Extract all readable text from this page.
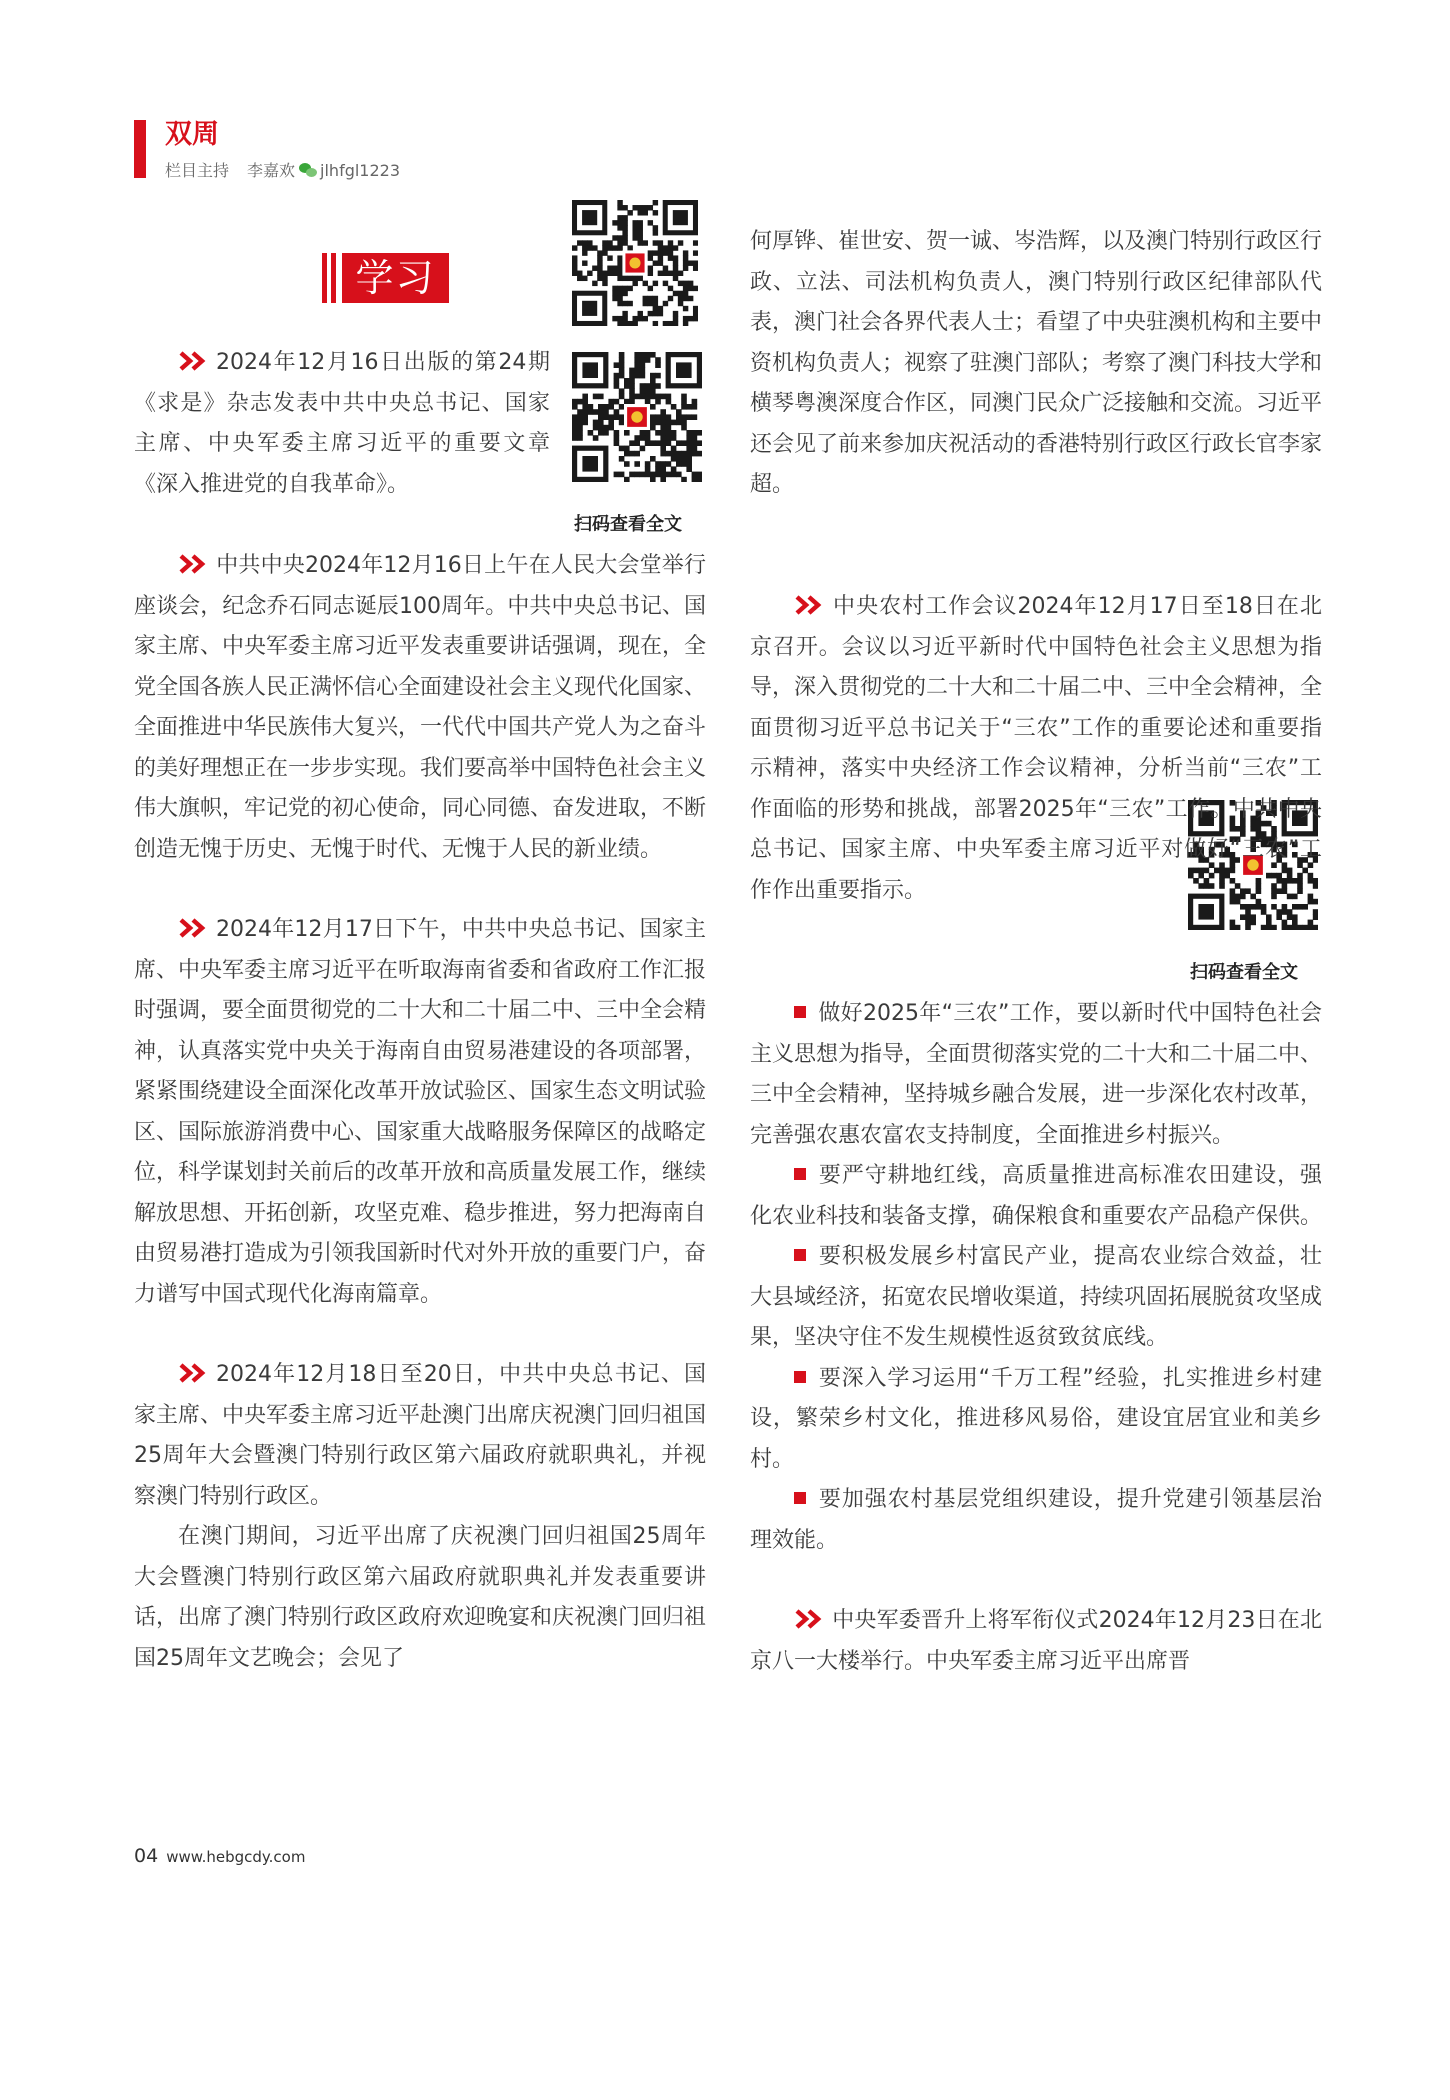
双周
栏目主持 李嘉欢 jlhfgl1223
学习
扫码查看全文
扫码查看全文

2024年12月16日出版的第24期《求是》杂志发表中共中央总书记、国家主席、中央军委主席习近平的重要文章《深入推进党的自我革命》。

中共中央2024年12月16日上午在人民大会堂举行座谈会，纪念乔石同志诞辰100周年。中共中央总书记、国家主席、中央军委主席习近平发表重要讲话强调，现在，全党全国各族人民正满怀信心全面建设社会主义现代化国家、全面推进中华民族伟大复兴，一代代中国共产党人为之奋斗的美好理想正在一步步实现。我们要高举中国特色社会主义伟大旗帜，牢记党的初心使命，同心同德、奋发进取，不断创造无愧于历史、无愧于时代、无愧于人民的新业绩。

2024年12月17日下午，中共中央总书记、国家主席、中央军委主席习近平在听取海南省委和省政府工作汇报时强调，要全面贯彻党的二十大和二十届二中、三中全会精神，认真落实党中央关于海南自由贸易港建设的各项部署，紧紧围绕建设全面深化改革开放试验区、国家生态文明试验区、国际旅游消费中心、国家重大战略服务保障区的战略定位，科学谋划封关前后的改革开放和高质量发展工作，继续解放思想、开拓创新，攻坚克难、稳步推进，努力把海南自由贸易港打造成为引领我国新时代对外开放的重要门户，奋力谱写中国式现代化海南篇章。

2024年12月18日至20日，中共中央总书记、国家主席、中央军委主席习近平赴澳门出席庆祝澳门回归祖国25周年大会暨澳门特别行政区第六届政府就职典礼，并视察澳门特别行政区。

在澳门期间，习近平出席了庆祝澳门回归祖国25周年大会暨澳门特别行政区第六届政府就职典礼并发表重要讲话，出席了澳门特别行政区政府欢迎晚宴和庆祝澳门回归祖国25周年文艺晚会；会见了

何厚铧、崔世安、贺一诚、岑浩辉，以及澳门特别行政区行政、立法、司法机构负责人，澳门特别行政区纪律部队代表，澳门社会各界代表人士；看望了中央驻澳机构和主要中资机构负责人；视察了驻澳门部队；考察了澳门科技大学和横琴粤澳深度合作区，同澳门民众广泛接触和交流。习近平还会见了前来参加庆祝活动的香港特别行政区行政长官李家超。

中央农村工作会议2024年12月17日至18日在北京召开。会议以习近平新时代中国特色社会主义思想为指导，深入贯彻党的二十大和二十届二中、三中全会精神，全面贯彻习近平总书记关于“三农”工作的重要论述和重要指示精神，落实中央经济工作会议精神，分析当前“三农”工作面临的形势和挑战，部署2025年“三农”工作。中共中央总书记、国家主席、中央军委主席习近平对做好“三农”工作作出重要指示。

做好2025年“三农”工作，要以新时代中国特色社会主义思想为指导，全面贯彻落实党的二十大和二十届二中、三中全会精神，坚持城乡融合发展，进一步深化农村改革，完善强农惠农富农支持制度，全面推进乡村振兴。

要严守耕地红线，高质量推进高标准农田建设，强化农业科技和装备支撑，确保粮食和重要农产品稳产保供。

要积极发展乡村富民产业，提高农业综合效益，壮大县域经济，拓宽农民增收渠道，持续巩固拓展脱贫攻坚成果，坚决守住不发生规模性返贫致贫底线。

要深入学习运用“千万工程”经验，扎实推进乡村建设，繁荣乡村文化，推进移风易俗，建设宜居宜业和美乡村。

要加强农村基层党组织建设，提升党建引领基层治理效能。

中央军委晋升上将军衔仪式2024年12月23日在北京八一大楼举行。中央军委主席习近平出席晋

04 www.hebgcdy.com
